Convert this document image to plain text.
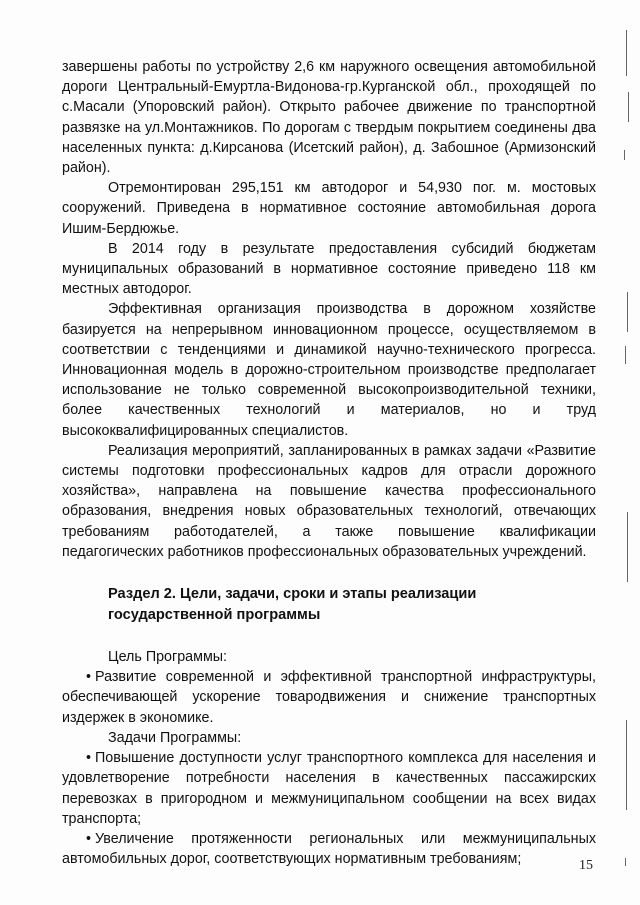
завершены работы по устройству 2,6 км наружного освещения автомобильной дороги Центральный-Емуртла-Видонова-гр.Курганской обл., проходящей по с.Масали (Упоровский район). Открыто рабочее движение по транспортной развязке на ул.Монтажников. По дорогам с твердым покрытием соединены два населенных пункта: д.Кирсанова (Исетский район), д. Забошное (Армизонский район).

Отремонтирован 295,151 км автодорог и 54,930 пог. м. мостовых сооружений. Приведена в нормативное состояние автомобильная дорога Ишим-Бердюжье.

В 2014 году в результате предоставления субсидий бюджетам муниципальных образований в нормативное состояние приведено 118 км местных автодорог.

Эффективная организация производства в дорожном хозяйстве базируется на непрерывном инновационном процессе, осуществляемом в соответствии с тенденциями и динамикой научно-технического прогресса. Инновационная модель в дорожно-строительном производстве предполагает использование не только современной высокопроизводительной техники, более качественных технологий и материалов, но и труд высококвалифицированных специалистов.

Реализация мероприятий, запланированных в рамках задачи «Развитие системы подготовки профессиональных кадров для отрасли дорожного хозяйства», направлена на повышение качества профессионального образования, внедрения новых образовательных технологий, отвечающих требованиям работодателей, а также повышение квалификации педагогических работников профессиональных образовательных учреждений.

Раздел 2. Цели, задачи, сроки и этапы реализации государственной программы

Цель Программы:

• Развитие современной и эффективной транспортной инфраструктуры, обеспечивающей ускорение товародвижения и снижение транспортных издержек в экономике.

Задачи Программы:

• Повышение доступности услуг транспортного комплекса для населения и удовлетворение потребности населения в качественных пассажирских перевозках в пригородном и межмуниципальном сообщении на всех видах транспорта;

• Увеличение протяженности региональных или межмуниципальных автомобильных дорог, соответствующих нормативным требованиям;	15
